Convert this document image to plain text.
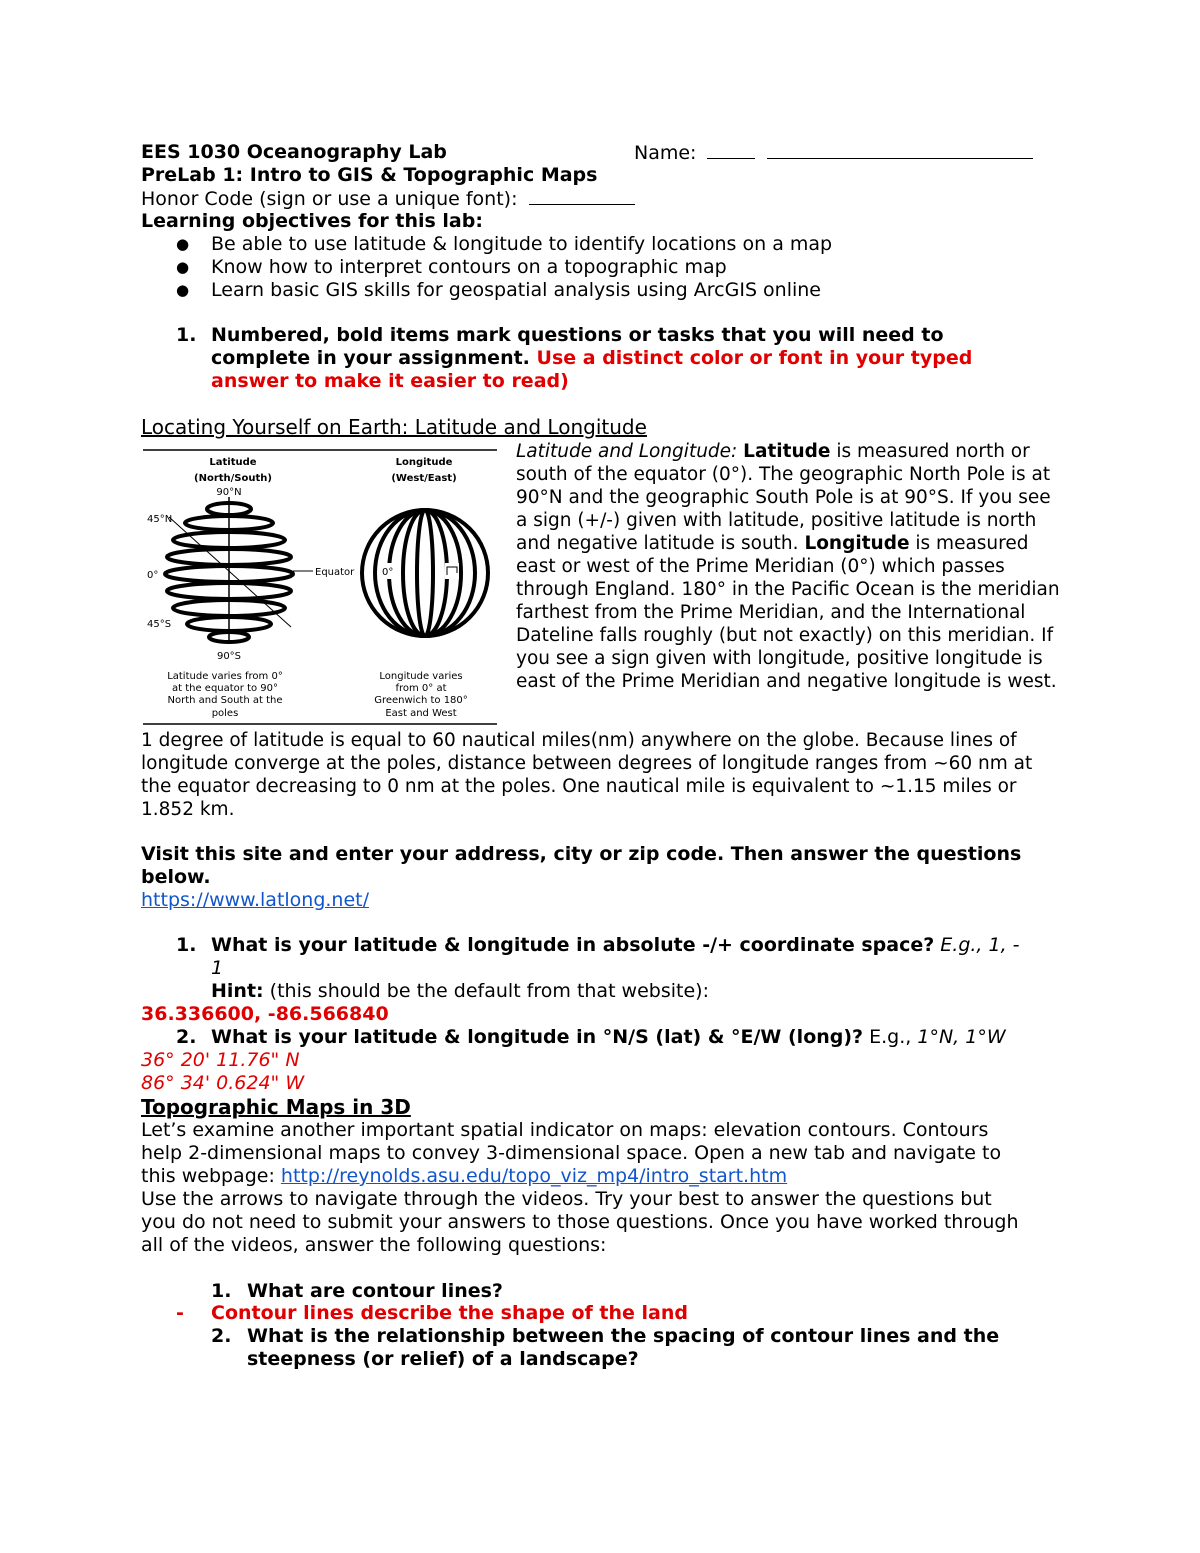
EES 1030 Oceanography Lab	Name:
PreLab 1: Intro to GIS & Topographic Maps
Honor Code (sign or use a unique font):
Learning objectives for this lab:
● Be able to use latitude & longitude to identify locations on a map
● Know how to interpret contours on a topographic map
● Learn basic GIS skills for geospatial analysis using ArcGIS online
1. Numbered, bold items mark questions or tasks that you will need to
complete in your assignment. Use a distinct color or font in your typed
answer to make it easier to read)
Locating Yourself on Earth: Latitude and Longitude
Latitude
(North/South)
90°N
45°N
0°
45°S
90°S
Equator
Longitude
(West/East)
0°
Latitude varies from 0°
at the equator to 90°
North and South at the
poles
Longitude varies
from 0° at
Greenwich to 180°
East and West

Latitude and Longitude: Latitude is measured north or south of the equator (0°). The geographic North Pole is at 90°N and the geographic South Pole is at 90°S. If you see a sign (+/-) given with latitude, positive latitude is north and negative latitude is south. Longitude is measured east or west of the Prime Meridian (0°) which passes through England. 180° in the Pacific Ocean is the meridian farthest from the Prime Meridian, and the International Dateline falls roughly (but not exactly) on this meridian. If you see a sign given with longitude, positive longitude is east of the Prime Meridian and negative longitude is west.

1 degree of latitude is equal to 60 nautical miles(nm) anywhere on the globe. Because lines of longitude converge at the poles, distance between degrees of longitude ranges from ~60 nm at the equator decreasing to 0 nm at the poles. One nautical mile is equivalent to ~1.15 miles or 1.852 km.

Visit this site and enter your address, city or zip code. Then answer the questions
below.
https://www.latlong.net/
1. What is your latitude & longitude in absolute -/+ coordinate space? E.g., 1, -
1
Hint: (this should be the default from that website):
36.336600, -86.566840
2. What is your latitude & longitude in °N/S (lat) & °E/W (long)? E.g., 1°N, 1°W
36° 20' 11.76" N
86° 34' 0.624" W
Topographic Maps in 3D
Let’s examine another important spatial indicator on maps: elevation contours. Contours
help 2-dimensional maps to convey 3-dimensional space. Open a new tab and navigate to
this webpage: http://reynolds.asu.edu/topo_viz_mp4/intro_start.htm
Use the arrows to navigate through the videos. Try your best to answer the questions but
you do not need to submit your answers to those questions. Once you have worked through
all of the videos, answer the following questions:
1. What are contour lines?
- Contour lines describe the shape of the land
2. What is the relationship between the spacing of contour lines and the
steepness (or relief) of a landscape?
